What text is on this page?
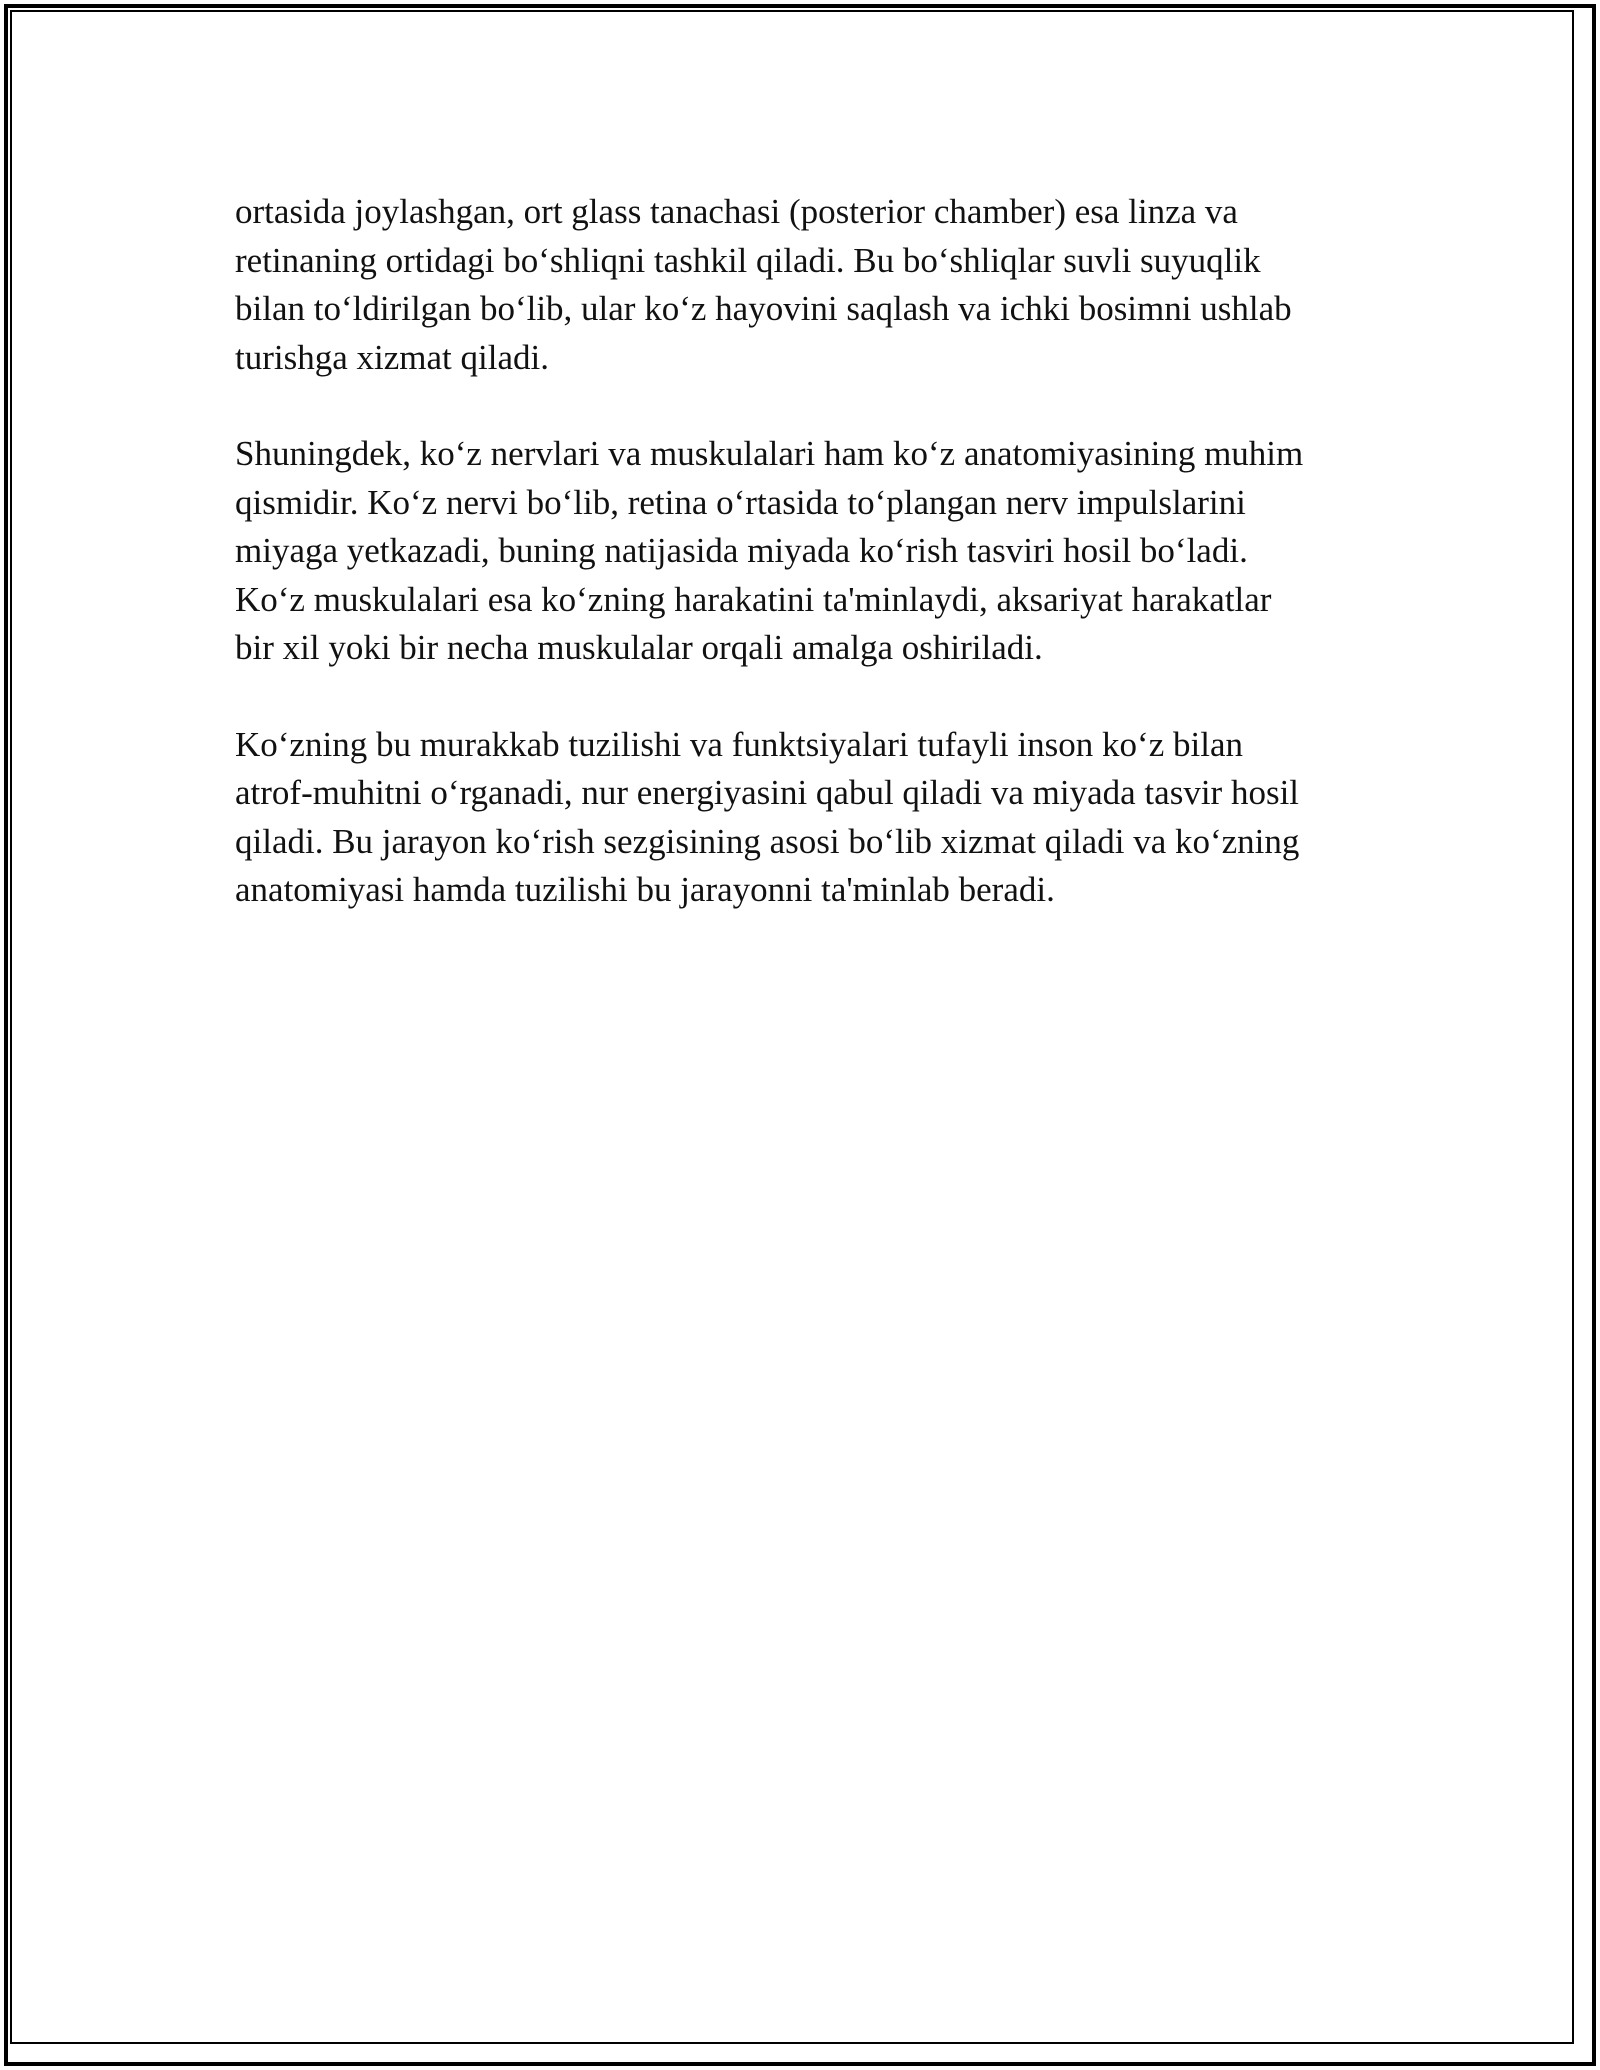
ortasida joylashgan, ort glass tanachasi (posterior chamber) esa linza va
retinaning ortidagi bo‘shliqni tashkil qiladi. Bu bo‘shliqlar suvli suyuqlik
bilan to‘ldirilgan bo‘lib, ular ko‘z hayovini saqlash va ichki bosimni ushlab
turishga xizmat qiladi.

Shuningdek, ko‘z nervlari va muskulalari ham ko‘z anatomiyasining muhim
qismidir. Ko‘z nervi bo‘lib, retina o‘rtasida to‘plangan nerv impulslarini
miyaga yetkazadi, buning natijasida miyada ko‘rish tasviri hosil bo‘ladi.
Ko‘z muskulalari esa ko‘zning harakatini ta'minlaydi, aksariyat harakatlar
bir xil yoki bir necha muskulalar orqali amalga oshiriladi.

Ko‘zning bu murakkab tuzilishi va funktsiyalari tufayli inson ko‘z bilan
atrof-muhitni o‘rganadi, nur energiyasini qabul qiladi va miyada tasvir hosil
qiladi. Bu jarayon ko‘rish sezgisining asosi bo‘lib xizmat qiladi va ko‘zning
anatomiyasi hamda tuzilishi bu jarayonni ta'minlab beradi.
